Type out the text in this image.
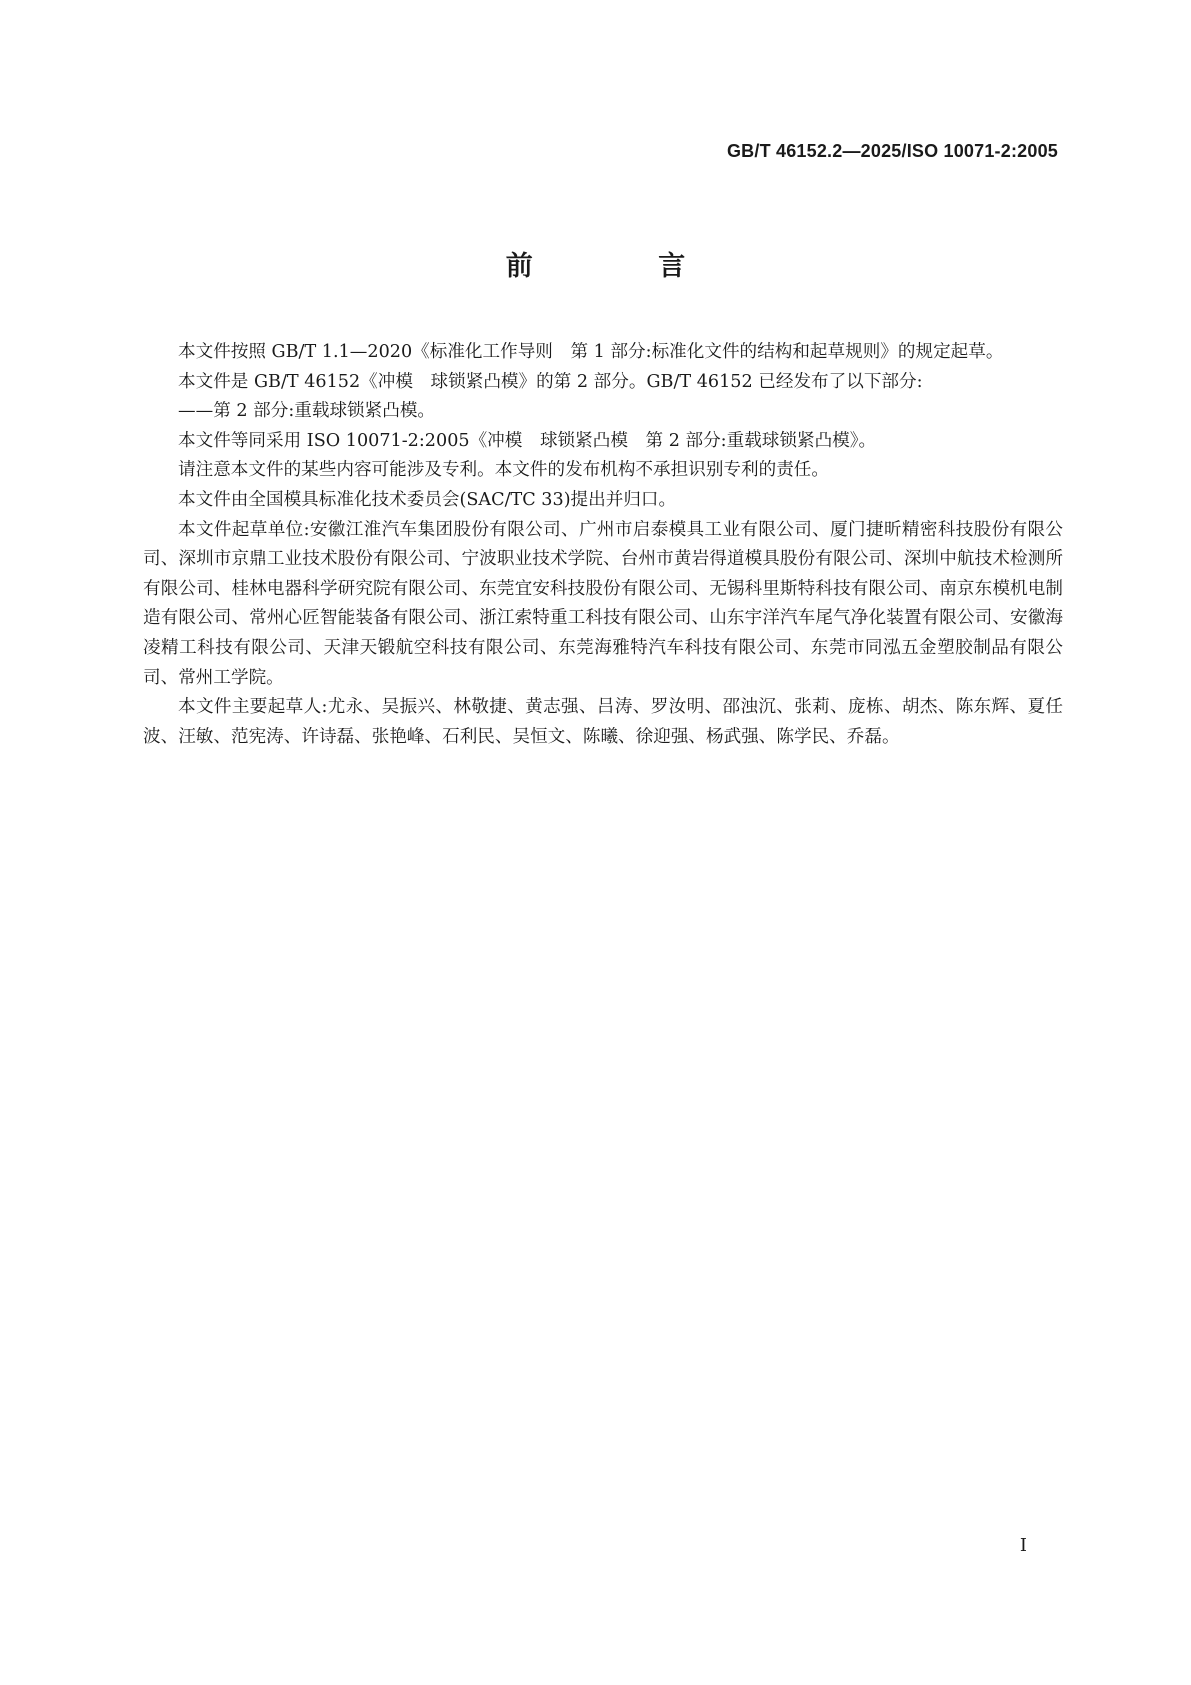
GB/T 46152.2—2025/ISO 10071-2:2005
前 言

本文件按照 GB/T 1.1—2020《标准化工作导则　第 1 部分:标准化文件的结构和起草规则》的规定起草。

本文件是 GB/T 46152《冲模　球锁紧凸模》的第 2 部分。GB/T 46152 已经发布了以下部分:

——第 2 部分:重载球锁紧凸模。

本文件等同采用 ISO 10071-2:2005《冲模　球锁紧凸模　第 2 部分:重载球锁紧凸模》。

请注意本文件的某些内容可能涉及专利。本文件的发布机构不承担识别专利的责任。

本文件由全国模具标准化技术委员会(SAC/TC 33)提出并归口。

本文件起草单位:安徽江淮汽车集团股份有限公司、广州市启泰模具工业有限公司、厦门捷昕精密科技股份有限公司、深圳市京鼎工业技术股份有限公司、宁波职业技术学院、台州市黄岩得道模具股份有限公司、深圳中航技术检测所有限公司、桂林电器科学研究院有限公司、东莞宜安科技股份有限公司、无锡科里斯特科技有限公司、南京东模机电制造有限公司、常州心匠智能装备有限公司、浙江索特重工科技有限公司、山东宇洋汽车尾气净化装置有限公司、安徽海凌精工科技有限公司、天津天锻航空科技有限公司、东莞海雅特汽车科技有限公司、东莞市同泓五金塑胶制品有限公司、常州工学院。

本文件主要起草人:尤永、吴振兴、林敬捷、黄志强、吕涛、罗汝明、邵浊沉、张莉、庞栋、胡杰、陈东辉、夏任波、汪敏、范宪涛、许诗磊、张艳峰、石利民、吴恒文、陈曦、徐迎强、杨武强、陈学民、乔磊。

I
